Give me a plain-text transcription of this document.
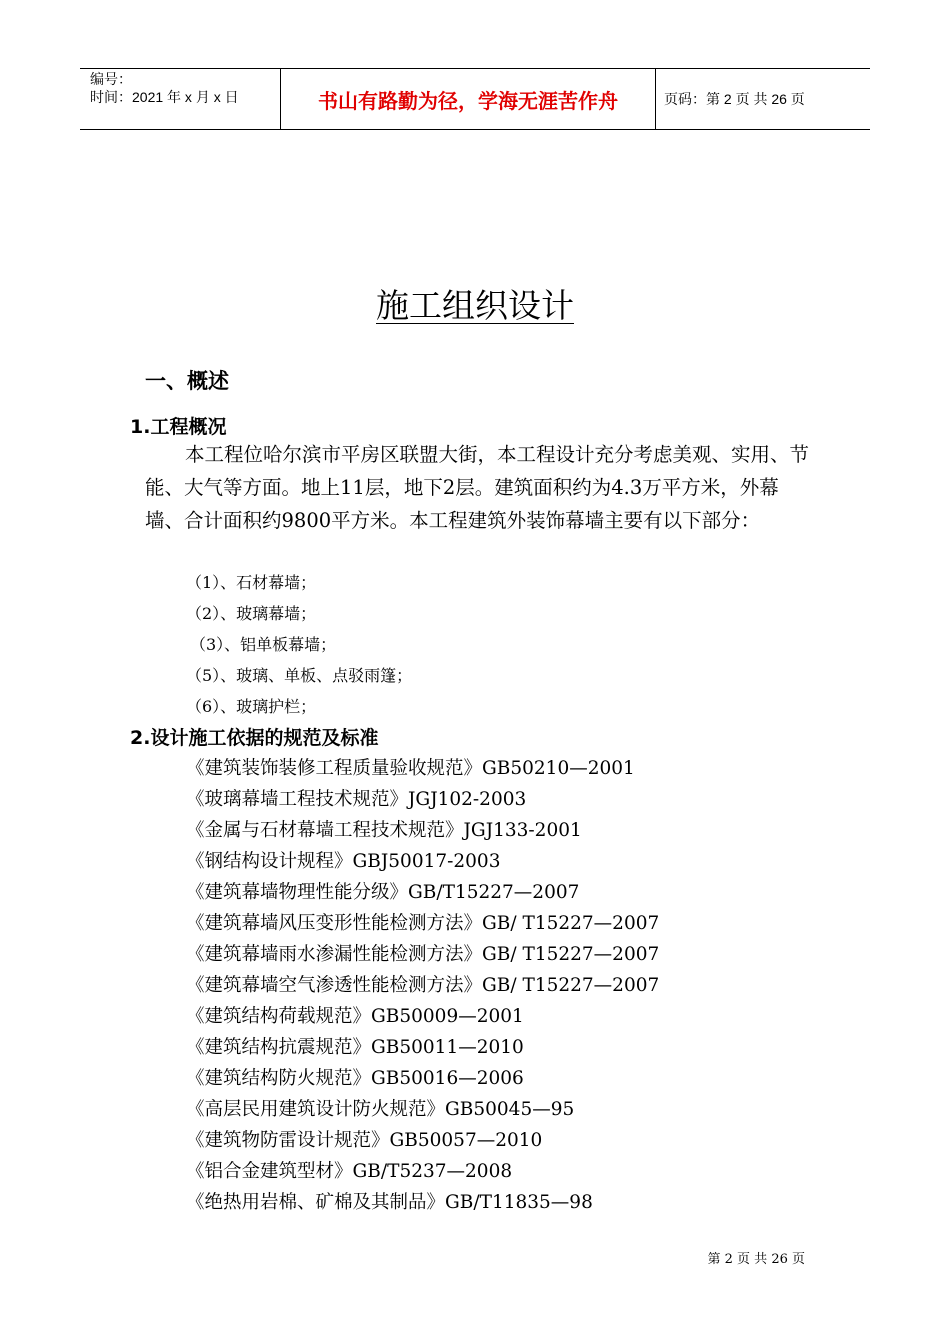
编号：
时间：2021 年 x 月 x 日	书山有路勤为径，学海无涯苦作舟	页码：第 2 页 共 26 页
施工组织设计
一、概述
1.工程概况
本工程位哈尔滨市平房区联盟大街，本工程设计充分考虑美观、实用、节能、大气等方面。地上11层，地下2层。建筑面积约为4.3万平方米，外幕墙、合计面积约9800平方米。本工程建筑外装饰幕墙主要有以下部分：
（1）、石材幕墙；
（2）、玻璃幕墙；
（3）、铝单板幕墙；
（5）、玻璃、单板、点驳雨篷；
（6）、玻璃护栏；
2.设计施工依据的规范及标准
《建筑装饰装修工程质量验收规范》GB50210—2001
《玻璃幕墙工程技术规范》JGJ102-2003
《金属与石材幕墙工程技术规范》JGJ133-2001
《钢结构设计规程》GBJ50017-2003
《建筑幕墙物理性能分级》GB/T15227—2007
《建筑幕墙风压变形性能检测方法》GB/ T15227—2007
《建筑幕墙雨水渗漏性能检测方法》GB/ T15227—2007
《建筑幕墙空气渗透性能检测方法》GB/ T15227—2007
《建筑结构荷载规范》GB50009—2001
《建筑结构抗震规范》GB50011—2010
《建筑结构防火规范》GB50016—2006
《高层民用建筑设计防火规范》GB50045—95
《建筑物防雷设计规范》GB50057—2010
《铝合金建筑型材》GB/T5237—2008
《绝热用岩棉、矿棉及其制品》GB/T11835—98
第 2 页 共 26 页
